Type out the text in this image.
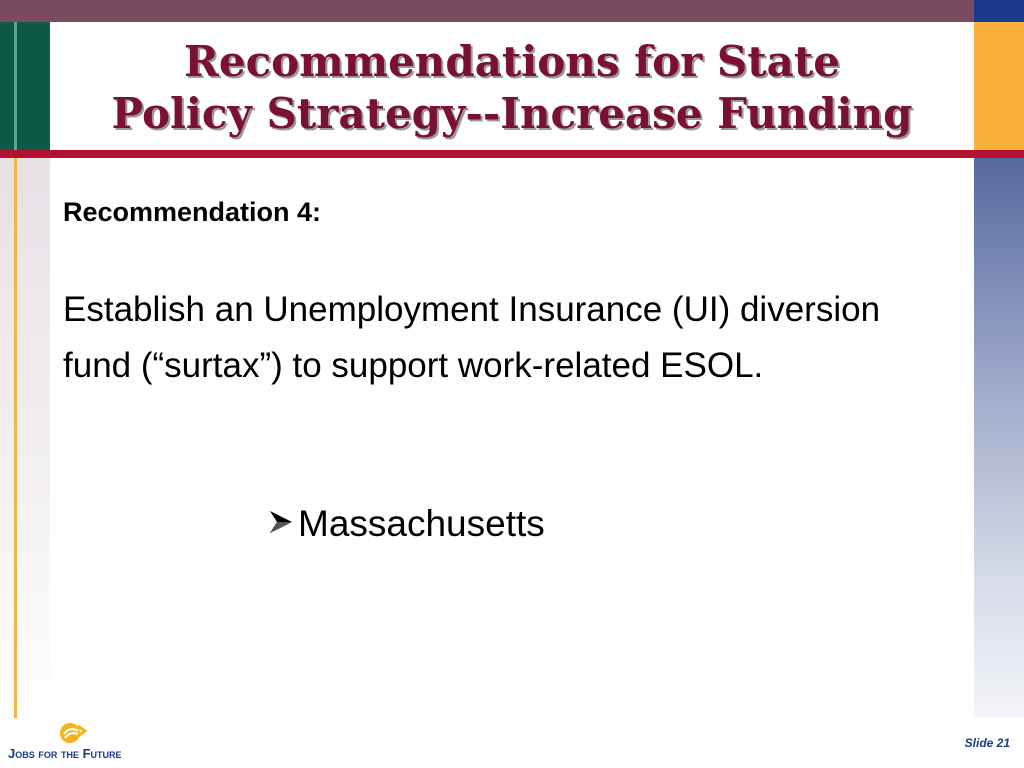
Recommendations for State
Policy Strategy--Increase Funding
Recommendation 4:
Establish an Unemployment Insurance (UI) diversion fund (“surtax”) to support work-related ESOL.
Massachusetts
Jobs for the Future
Slide 21
